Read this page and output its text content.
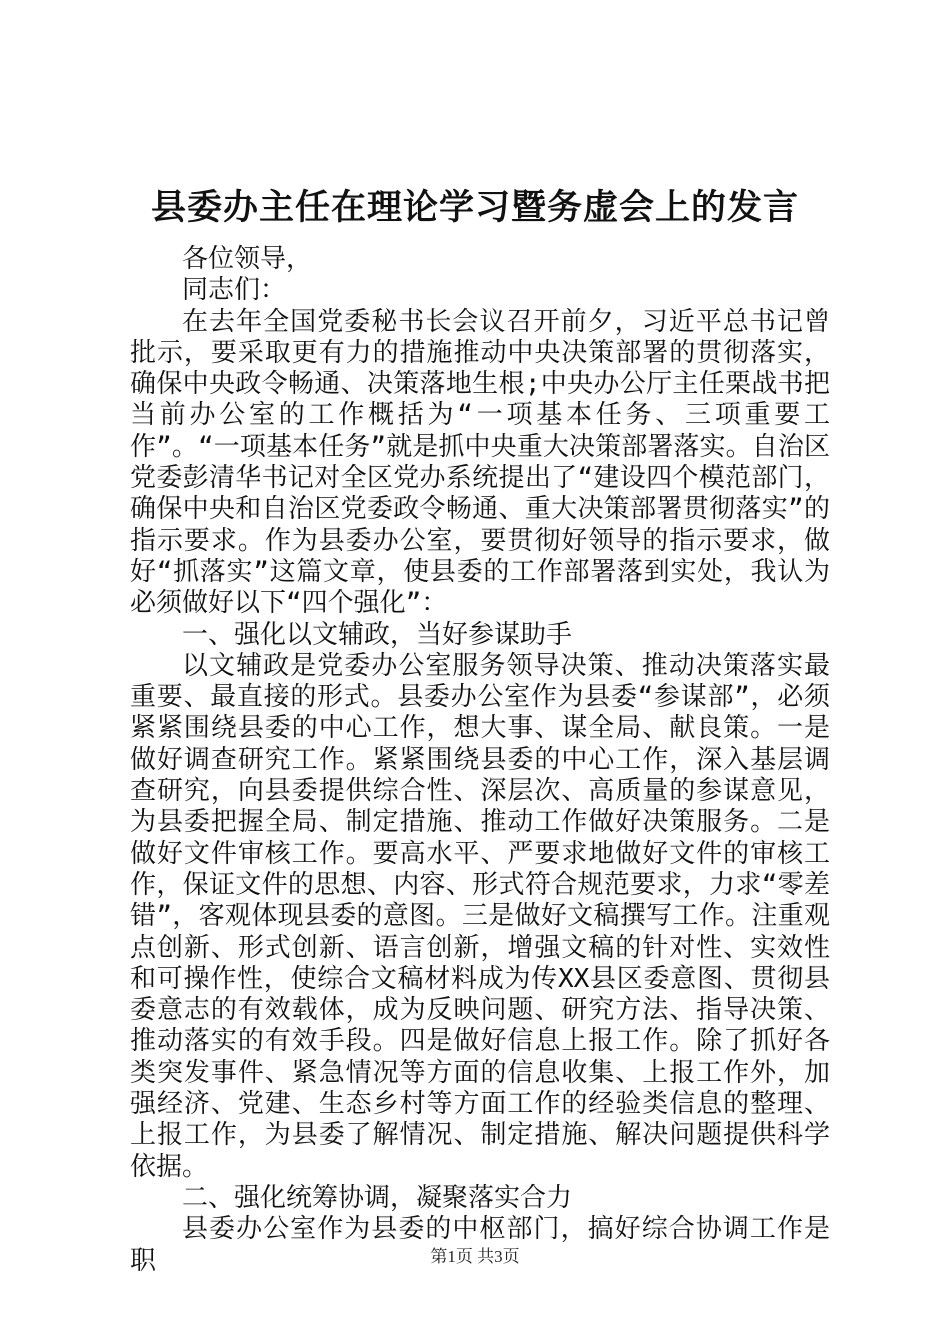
县委办主任在理论学习暨务虚会上的发言

各位领导，

同志们：

在去年全国党委秘书长会议召开前夕，习近平总书记曾批示，要采取更有力的措施推动中央决策部署的贯彻落实，确保中央政令畅通、决策落地生根;中央办公厅主任栗战书把当前办公室的工作概括为“一项基本任务、三项重要工作”。“一项基本任务”就是抓中央重大决策部署落实。自治区党委彭清华书记对全区党办系统提出了“建设四个模范部门，确保中央和自治区党委政令畅通、重大决策部署贯彻落实”的指示要求。作为县委办公室，要贯彻好领导的指示要求，做好“抓落实”这篇文章，使县委的工作部署落到实处，我认为必须做好以下“四个强化”：

一、强化以文辅政，当好参谋助手

以文辅政是党委办公室服务领导决策、推动决策落实最重要、最直接的形式。县委办公室作为县委“参谋部”，必须紧紧围绕县委的中心工作，想大事、谋全局、献良策。一是做好调查研究工作。紧紧围绕县委的中心工作，深入基层调查研究，向县委提供综合性、深层次、高质量的参谋意见，为县委把握全局、制定措施、推动工作做好决策服务。二是做好文件审核工作。要高水平、严要求地做好文件的审核工作，保证文件的思想、内容、形式符合规范要求，力求“零差错”，客观体现县委的意图。三是做好文稿撰写工作。注重观点创新、形式创新、语言创新，增强文稿的针对性、实效性和可操作性，使综合文稿材料成为传XX县区委意图、贯彻县委意志的有效载体，成为反映问题、研究方法、指导决策、推动落实的有效手段。四是做好信息上报工作。除了抓好各类突发事件、紧急情况等方面的信息收集、上报工作外，加强经济、党建、生态乡村等方面工作的经验类信息的整理、上报工作，为县委了解情况、制定措施、解决问题提供科学依据。

二、强化统筹协调，凝聚落实合力

县委办公室作为县委的中枢部门，搞好综合协调工作是职	第1页 共3页
